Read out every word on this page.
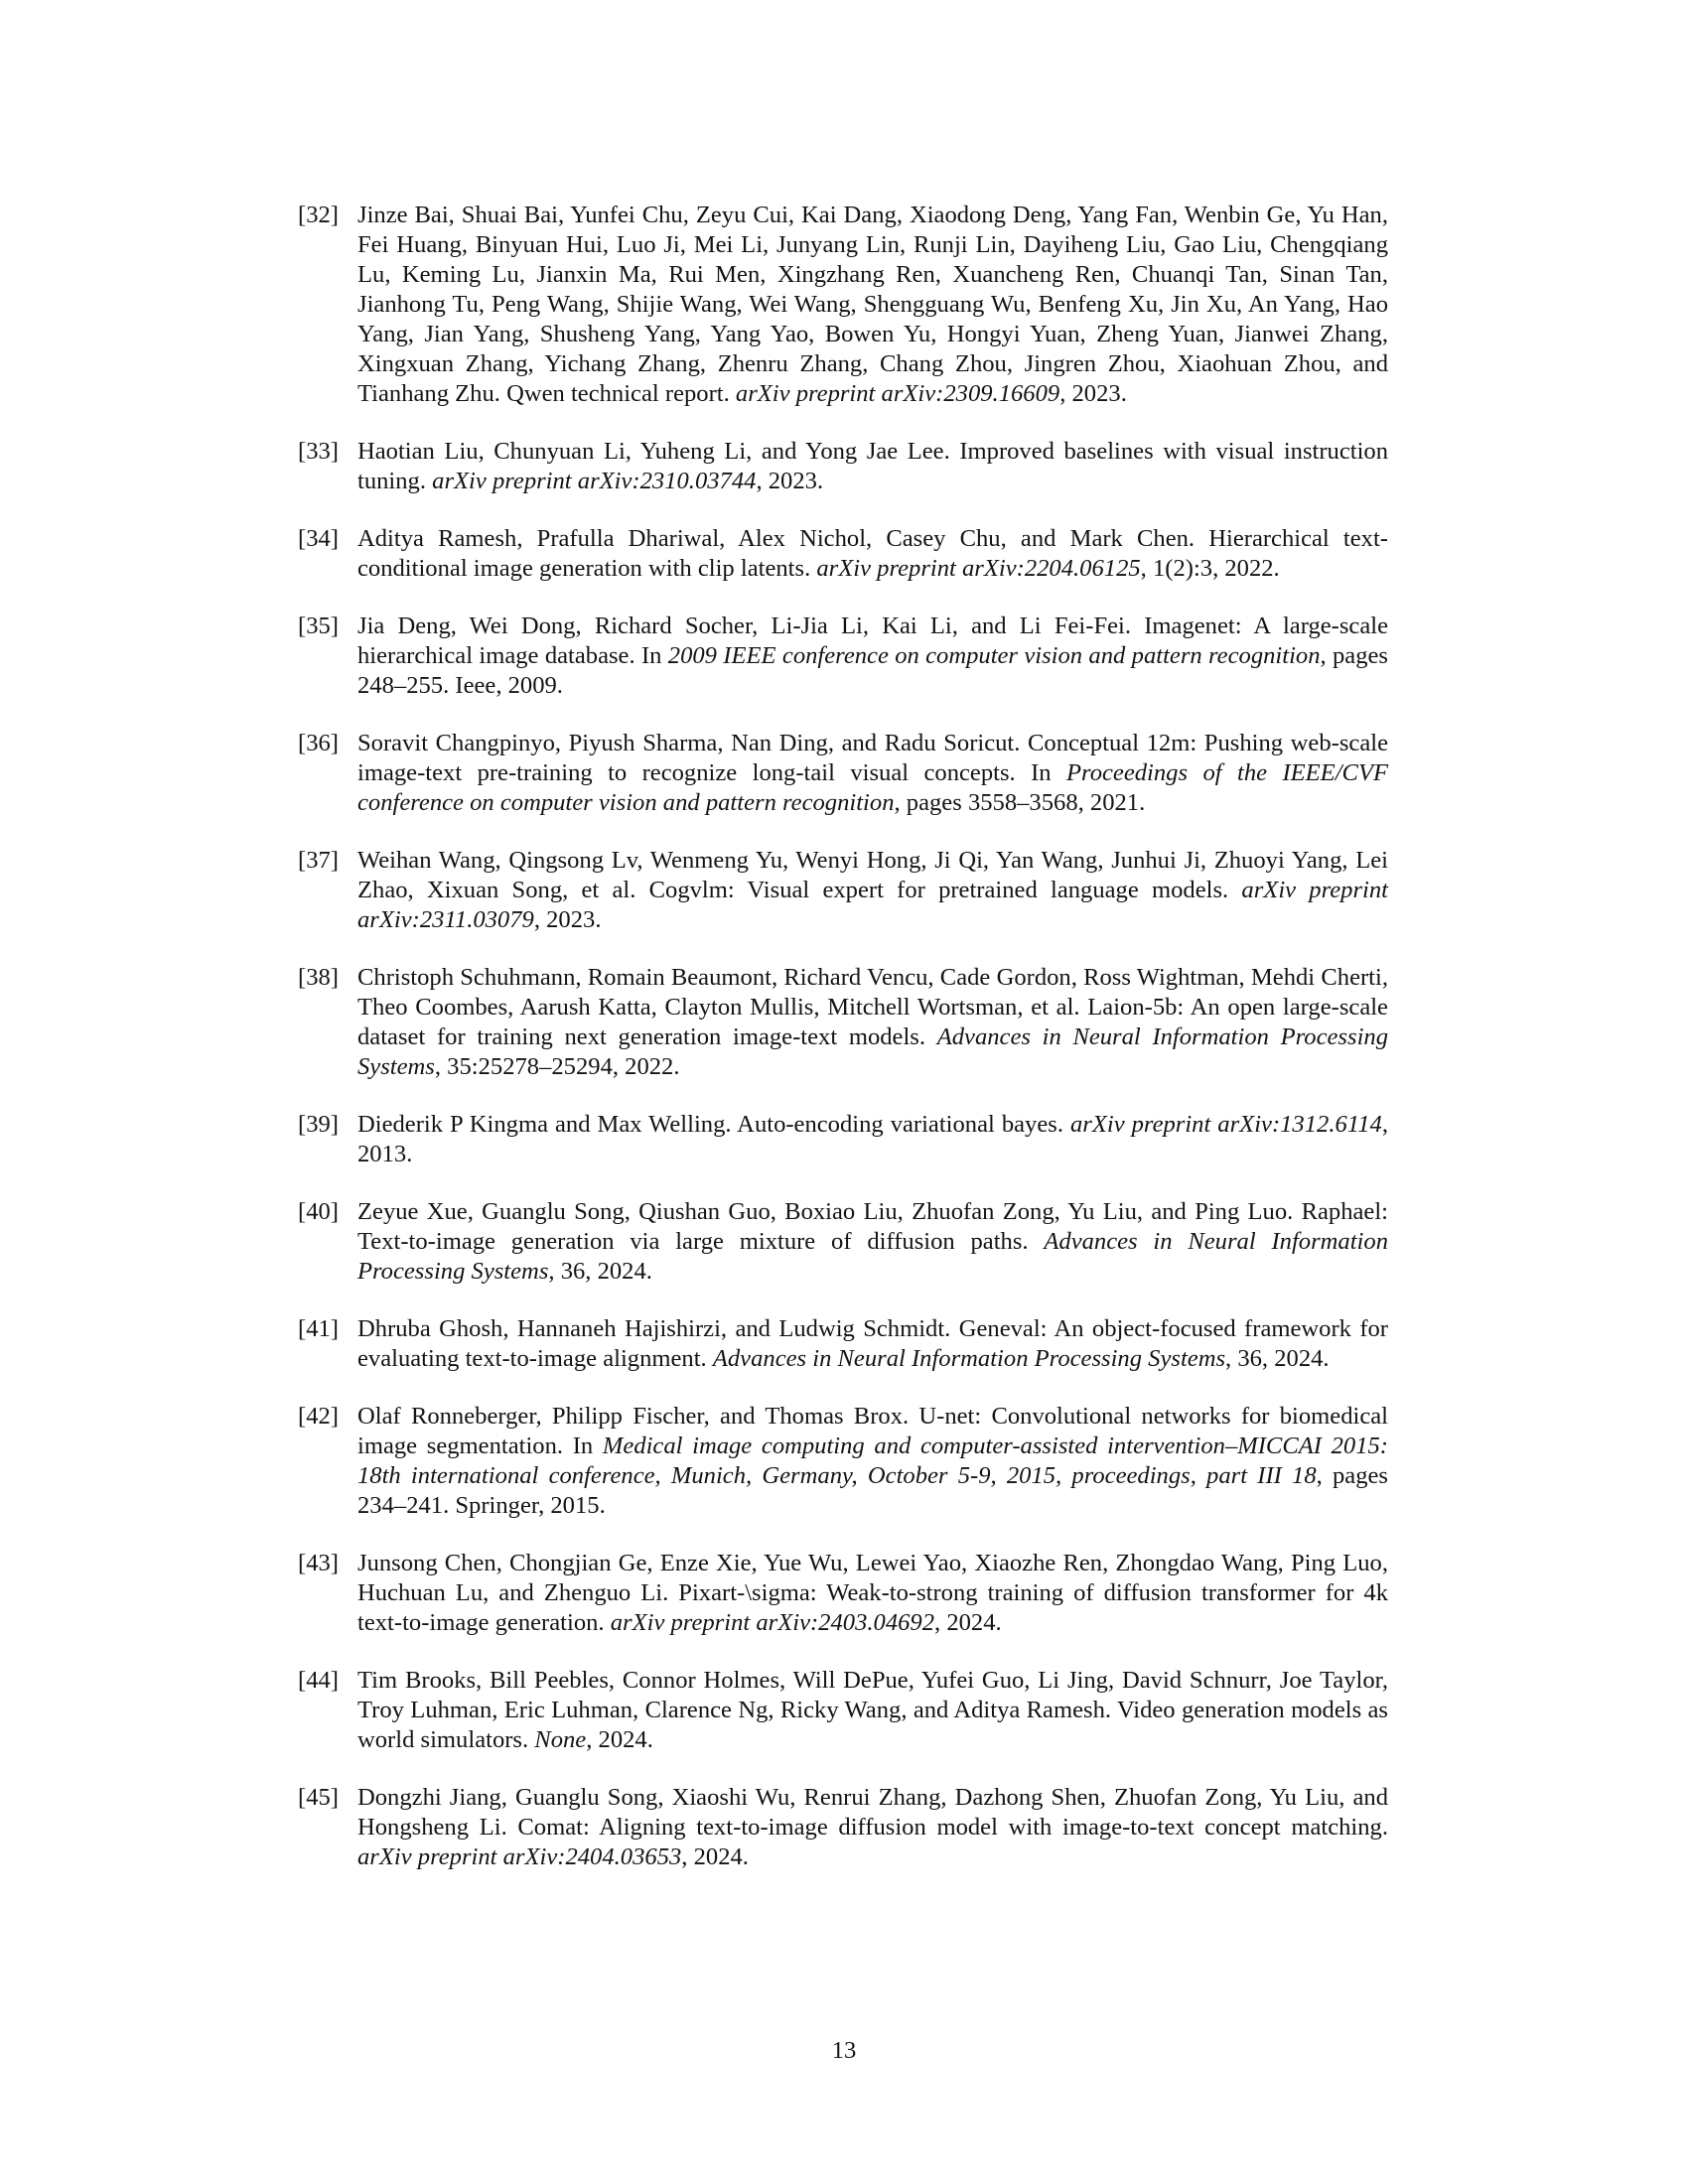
[32] Jinze Bai, Shuai Bai, Yunfei Chu, Zeyu Cui, Kai Dang, Xiaodong Deng, Yang Fan, Wenbin Ge, Yu Han, Fei Huang, Binyuan Hui, Luo Ji, Mei Li, Junyang Lin, Runji Lin, Dayiheng Liu, Gao Liu, Chengqiang Lu, Keming Lu, Jianxin Ma, Rui Men, Xingzhang Ren, Xuancheng Ren, Chuanqi Tan, Sinan Tan, Jianhong Tu, Peng Wang, Shijie Wang, Wei Wang, Shengguang Wu, Benfeng Xu, Jin Xu, An Yang, Hao Yang, Jian Yang, Shusheng Yang, Yang Yao, Bowen Yu, Hongyi Yuan, Zheng Yuan, Jianwei Zhang, Xingxuan Zhang, Yichang Zhang, Zhenru Zhang, Chang Zhou, Jingren Zhou, Xiaohuan Zhou, and Tianhang Zhu. Qwen technical report. arXiv preprint arXiv:2309.16609, 2023.
[33] Haotian Liu, Chunyuan Li, Yuheng Li, and Yong Jae Lee. Improved baselines with visual instruction tuning. arXiv preprint arXiv:2310.03744, 2023.
[34] Aditya Ramesh, Prafulla Dhariwal, Alex Nichol, Casey Chu, and Mark Chen. Hierarchical text-conditional image generation with clip latents. arXiv preprint arXiv:2204.06125, 1(2):3, 2022.
[35] Jia Deng, Wei Dong, Richard Socher, Li-Jia Li, Kai Li, and Li Fei-Fei. Imagenet: A large-scale hierarchical image database. In 2009 IEEE conference on computer vision and pattern recognition, pages 248–255. Ieee, 2009.
[36] Soravit Changpinyo, Piyush Sharma, Nan Ding, and Radu Soricut. Conceptual 12m: Pushing web-scale image-text pre-training to recognize long-tail visual concepts. In Proceedings of the IEEE/CVF conference on computer vision and pattern recognition, pages 3558–3568, 2021.
[37] Weihan Wang, Qingsong Lv, Wenmeng Yu, Wenyi Hong, Ji Qi, Yan Wang, Junhui Ji, Zhuoyi Yang, Lei Zhao, Xixuan Song, et al. Cogvlm: Visual expert for pretrained language models. arXiv preprint arXiv:2311.03079, 2023.
[38] Christoph Schuhmann, Romain Beaumont, Richard Vencu, Cade Gordon, Ross Wightman, Mehdi Cherti, Theo Coombes, Aarush Katta, Clayton Mullis, Mitchell Wortsman, et al. Laion-5b: An open large-scale dataset for training next generation image-text models. Advances in Neural Information Processing Systems, 35:25278–25294, 2022.
[39] Diederik P Kingma and Max Welling. Auto-encoding variational bayes. arXiv preprint arXiv:1312.6114, 2013.
[40] Zeyue Xue, Guanglu Song, Qiushan Guo, Boxiao Liu, Zhuofan Zong, Yu Liu, and Ping Luo. Raphael: Text-to-image generation via large mixture of diffusion paths. Advances in Neural Information Processing Systems, 36, 2024.
[41] Dhruba Ghosh, Hannaneh Hajishirzi, and Ludwig Schmidt. Geneval: An object-focused framework for evaluating text-to-image alignment. Advances in Neural Information Processing Systems, 36, 2024.
[42] Olaf Ronneberger, Philipp Fischer, and Thomas Brox. U-net: Convolutional networks for biomedical image segmentation. In Medical image computing and computer-assisted intervention–MICCAI 2015: 18th international conference, Munich, Germany, October 5-9, 2015, proceedings, part III 18, pages 234–241. Springer, 2015.
[43] Junsong Chen, Chongjian Ge, Enze Xie, Yue Wu, Lewei Yao, Xiaozhe Ren, Zhongdao Wang, Ping Luo, Huchuan Lu, and Zhenguo Li. Pixart-\sigma: Weak-to-strong training of diffusion transformer for 4k text-to-image generation. arXiv preprint arXiv:2403.04692, 2024.
[44] Tim Brooks, Bill Peebles, Connor Holmes, Will DePue, Yufei Guo, Li Jing, David Schnurr, Joe Taylor, Troy Luhman, Eric Luhman, Clarence Ng, Ricky Wang, and Aditya Ramesh. Video generation models as world simulators. None, 2024.
[45] Dongzhi Jiang, Guanglu Song, Xiaoshi Wu, Renrui Zhang, Dazhong Shen, Zhuofan Zong, Yu Liu, and Hongsheng Li. Comat: Aligning text-to-image diffusion model with image-to-text concept matching. arXiv preprint arXiv:2404.03653, 2024.
13
